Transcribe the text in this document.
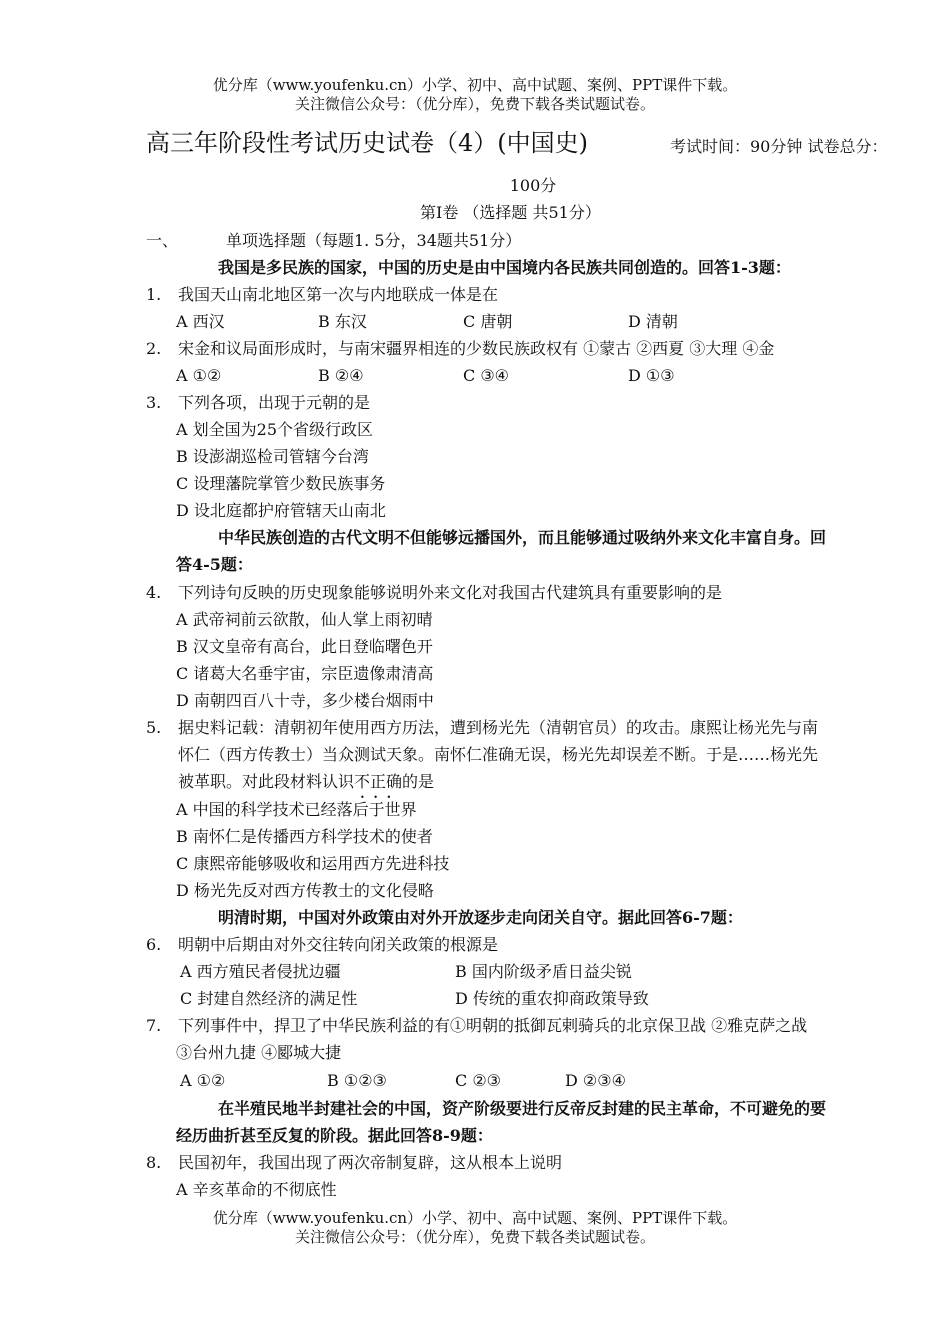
优分库（www.youfenku.cn）小学、初中、高中试题、案例、PPT课件下载。
关注微信公众号：（优分库），免费下载各类试题试卷。
高三年阶段性考试历史试卷（4）(中国史)	考试时间：90分钟 试卷总分：
100分
第Ⅰ卷 （选择题 共51分）
一、	单项选择题（每题1. 5分，34题共51分）
我国是多民族的国家，中国的历史是由中国境内各民族共同创造的。回答1-3题：
1. 我国天山南北地区第一次与内地联成一体是在
A 西汉	B 东汉	C 唐朝	D 清朝
2. 宋金和议局面形成时，与南宋疆界相连的少数民族政权有 ①蒙古 ②西夏 ③大理 ④金
A ①②	B ②④	C ③④	D ①③
3. 下列各项，出现于元朝的是
A 划全国为25个省级行政区
B 设澎湖巡检司管辖今台湾
C 设理藩院掌管少数民族事务
D 设北庭都护府管辖天山南北
中华民族创造的古代文明不但能够远播国外，而且能够通过吸纳外来文化丰富自身。回
答4-5题：
4. 下列诗句反映的历史现象能够说明外来文化对我国古代建筑具有重要影响的是
A 武帝祠前云欲散，仙人掌上雨初晴
B 汉文皇帝有高台，此日登临曙色开
C 诸葛大名垂宇宙，宗臣遗像肃清高
D 南朝四百八十寺，多少楼台烟雨中
5. 据史料记载：清朝初年使用西方历法，遭到杨光先（清朝官员）的攻击。康熙让杨光先与南
怀仁（西方传教士）当众测试天象。南怀仁准确无误，杨光先却误差不断。于是……杨光先
被革职。对此段材料认识不正确 • • •的是
A 中国的科学技术已经落后于世界
B 南怀仁是传播西方科学技术的使者
C 康熙帝能够吸收和运用西方先进科技
D 杨光先反对西方传教士的文化侵略
明清时期，中国对外政策由对外开放逐步走向闭关自守。据此回答6-7题：
6. 明朝中后期由对外交往转向闭关政策的根源是
A 西方殖民者侵扰边疆	B 国内阶级矛盾日益尖锐
C 封建自然经济的满足性	D 传统的重农抑商政策导致
7. 下列事件中，捍卫了中华民族利益的有①明朝的抵御瓦剌骑兵的北京保卫战 ②雅克萨之战
③台州九捷 ④郾城大捷
A ①②	B ①②③	C ②③	D ②③④
在半殖民地半封建社会的中国，资产阶级要进行反帝反封建的民主革命，不可避免的要
经历曲折甚至反复的阶段。据此回答8-9题：
8. 民国初年，我国出现了两次帝制复辟，这从根本上说明
A 辛亥革命的不彻底性
优分库（www.youfenku.cn）小学、初中、高中试题、案例、PPT课件下载。
关注微信公众号：（优分库），免费下载各类试题试卷。
